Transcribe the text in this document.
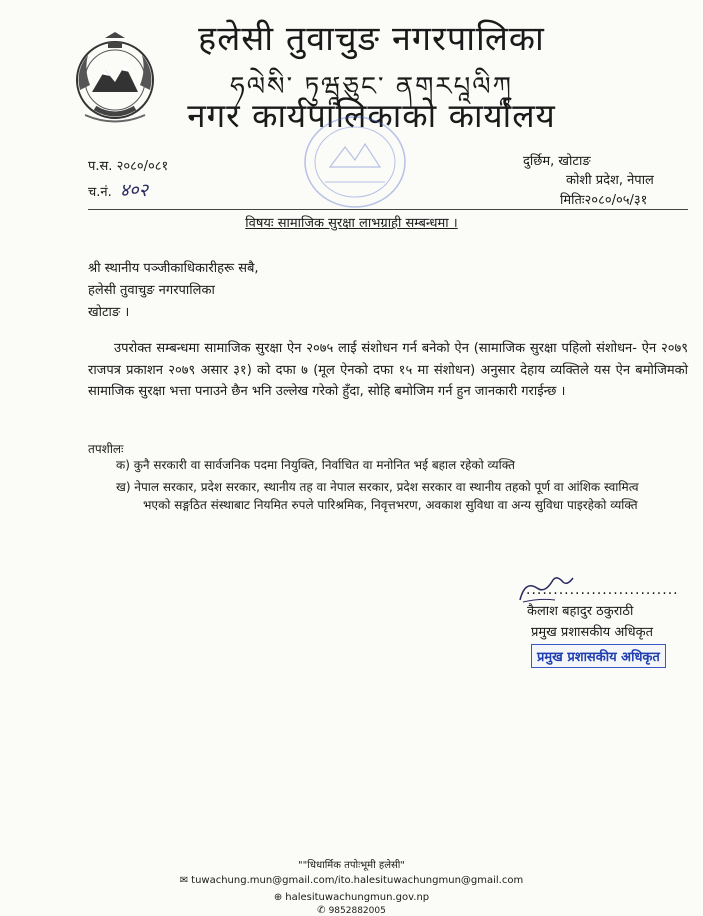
हलेसी तुवाचुङ नगरपालिका
ཧལེསི་ ཏུཝཱཅུང་ ནགརཔཱལིཀཱ
नगर कार्यपालिकाको कार्यालय
प.स. २०८०/०८१
च.नं. ४०२
दुर्छिम, खोटाङ
कोशी प्रदेश, नेपाल
मितिः२०८०/०५/३१
विषयः सामाजिक सुरक्षा लाभग्राही सम्बन्धमा ।
श्री स्थानीय पञ्जीकाधिकारीहरू सबै,
हलेसी तुवाचुङ नगरपालिका
खोटाङ ।
उपरोक्त सम्बन्धमा सामाजिक सुरक्षा ऐन २०७५ लाई संशोधन गर्न बनेको ऐन (सामाजिक सुरक्षा पहिलो संशोधन- ऐन २०७९ राजपत्र प्रकाशन २०७९ असार ३१) को दफा ७ (मूल ऐनको दफा १५ मा संशोधन) अनुसार देहाय व्यक्तिले यस ऐन बमोजिमको सामाजिक सुरक्षा भत्ता पनाउने छैन भनि उल्लेख गरेको हुँदा, सोहि बमोजिम गर्न हुन जानकारी गराईन्छ ।
तपशीलः
क) कुनै सरकारी वा सार्वजनिक पदमा नियुक्ति, निर्वाचित वा मनोनित भई बहाल रहेको व्यक्ति
ख) नेपाल सरकार, प्रदेश सरकार, स्थानीय तह वा नेपाल सरकार, प्रदेश सरकार वा स्थानीय तहको पूर्ण वा आंशिक स्वामित्व
भएको सङ्गठित संस्थाबाट नियमित रुपले पारिश्रमिक, निवृत्तभरण, अवकाश सुविधा वा अन्य सुविधा पाइरहेको व्यक्ति
............................
कैलाश बहादुर ठकुराठी
प्रमुख प्रशासकीय अधिकृत
प्रमुख प्रशासकीय अधिकृत
""धिधार्मिक तपोःभूमी हलेसी"
✉ tuwachung.mun@gmail.com/ito.halesituwachungmun@gmail.com
⊕ halesituwachungmun.gov.np
✆ 9852882005
